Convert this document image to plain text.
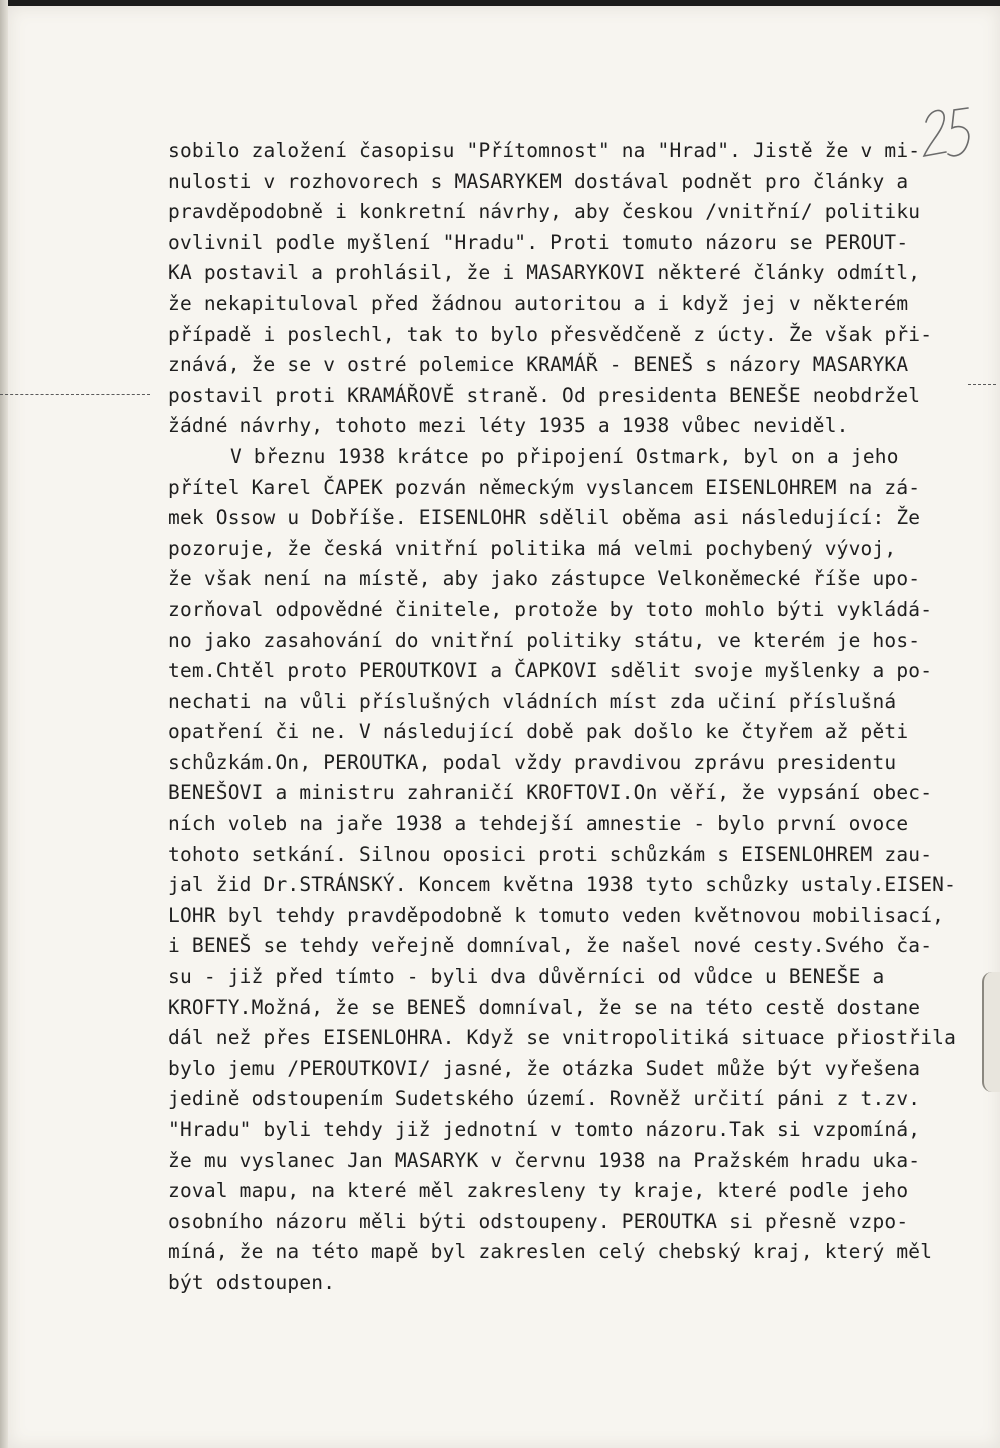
sobilo založení časopisu "Přítomnost" na "Hrad". Jistě že v mi-
nulosti v rozhovorech s MASARYKEM dostával podnět pro články a
pravděpodobně i konkretní návrhy, aby českou /vnitřní/ politiku
ovlivnil podle myšlení "Hradu". Proti tomuto názoru se PEROUT-
KA postavil a prohlásil, že i MASARYKOVI některé články odmítl,
že nekapituloval před žádnou autoritou a i když jej v některém
případě i poslechl, tak to bylo přesvědčeně z úcty. Že však při-
znává, že se v ostré polemice KRAMÁŘ - BENEŠ s názory MASARYKA
postavil proti KRAMÁŘOVĚ straně. Od presidenta BENEŠE neobdržel
žádné návrhy, tohoto mezi léty 1935 a 1938 vůbec neviděl.
V březnu 1938 krátce po připojení Ostmark, byl on a jeho
přítel Karel ČAPEK pozván německým vyslancem EISENLOHREM na zá-
mek Ossow u Dobříše. EISENLOHR sdělil oběma asi následující: Že
pozoruje, že česká vnitřní politika má velmi pochybený vývoj,
že však není na místě, aby jako zástupce Velkoněmecké říše upo-
zorňoval odpovědné činitele, protože by toto mohlo býti vykládá-
no jako zasahování do vnitřní politiky státu, ve kterém je hos-
tem.Chtěl proto PEROUTKOVI a ČAPKOVI sdělit svoje myšlenky a po-
nechati na vůli příslušných vládních míst zda učiní příslušná
opatření či ne. V následující době pak došlo ke čtyřem až pěti
schůzkám.On, PEROUTKA, podal vždy pravdivou zprávu presidentu
BENEŠOVI a ministru zahraničí KROFTOVI.On věří, že vypsání obec-
ních voleb na jaře 1938 a tehdejší amnestie - bylo první ovoce
tohoto setkání. Silnou oposici proti schůzkám s EISENLOHREM zau-
jal žid Dr.STRÁNSKÝ. Koncem května 1938 tyto schůzky ustaly.EISEN-
LOHR byl tehdy pravděpodobně k tomuto veden květnovou mobilisací,
i BENEŠ se tehdy veřejně domníval, že našel nové cesty.Svého ča-
su - již před tímto - byli dva důvěrníci od vůdce u BENEŠE a
KROFTY.Možná, že se BENEŠ domníval, že se na této cestě dostane
dál než přes EISENLOHRA. Když se vnitropolitiká situace přiostřila
bylo jemu /PEROUTKOVI/ jasné, že otázka Sudet může být vyřešena
jedině odstoupením Sudetského území. Rovněž určití páni z t.zv.
"Hradu" byli tehdy již jednotní v tomto názoru.Tak si vzpomíná,
že mu vyslanec Jan MASARYK v červnu 1938 na Pražském hradu uka-
zoval mapu, na které měl zakresleny ty kraje, které podle jeho
osobního názoru měli býti odstoupeny. PEROUTKA si přesně vzpo-
míná, že na této mapě byl zakreslen celý chebský kraj, který měl
být odstoupen.
